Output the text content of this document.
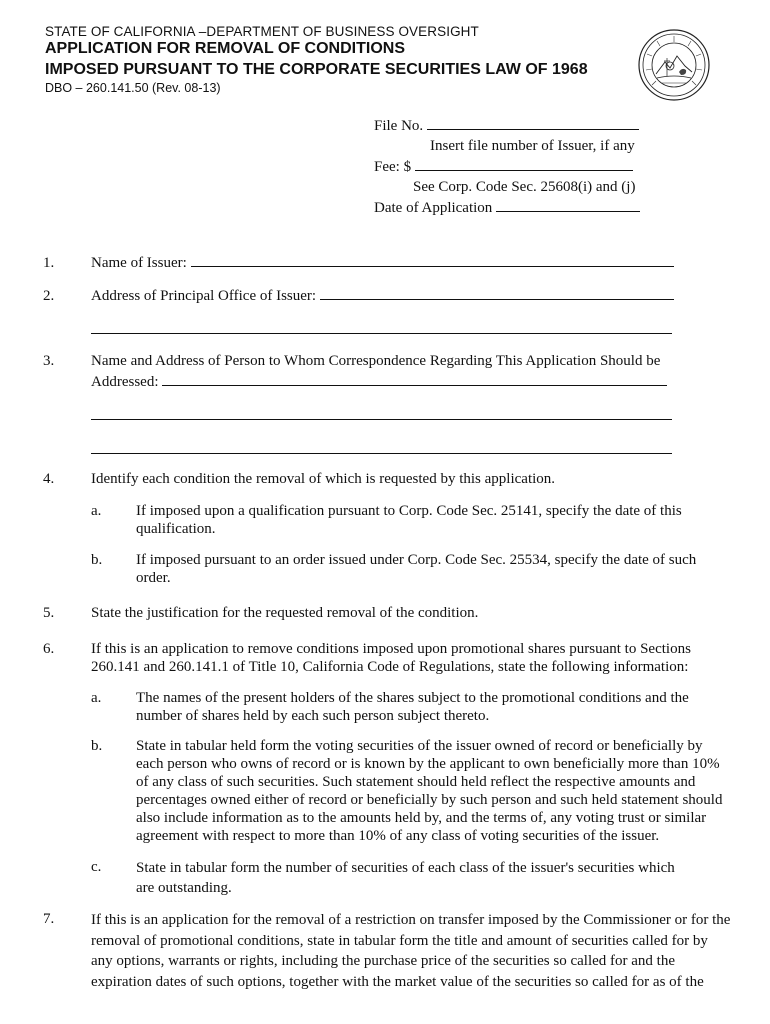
STATE OF CALIFORNIA –DEPARTMENT OF BUSINESS OVERSIGHT
APPLICATION FOR REMOVAL OF CONDITIONS
IMPOSED PURSUANT TO THE CORPORATE SECURITIES LAW OF 1968
DBO – 260.141.50 (Rev. 08-13)
File No.
Insert file number of Issuer, if any
Fee: $
See Corp. Code Sec. 25608(i) and (j)
Date of Application
1. Name of Issuer:
2. Address of Principal Office of Issuer:
3. Name and Address of Person to Whom Correspondence Regarding This Application Should be
Addressed:
4. Identify each condition the removal of which is requested by this application.
a. If imposed upon a qualification pursuant to Corp. Code Sec. 25141, specify the date of this qualification.
b. If imposed pursuant to an order issued under Corp. Code Sec. 25534, specify the date of such order.
5. State the justification for the requested removal of the condition.
6. If this is an application to remove conditions imposed upon promotional shares pursuant to Sections 260.141 and 260.141.1 of Title 10, California Code of Regulations, state the following information:
a. The names of the present holders of the shares subject to the promotional conditions and the number of shares held by each such person subject thereto.
b. State in tabular held form the voting securities of the issuer owned of record or beneficially by each person who owns of record or is known by the applicant to own beneficially more than 10% of any class of such securities. Such statement should held reflect the respective amounts and percentages owned either of record or beneficially by such person and such held statement should also include information as to the amounts held by, and the terms of, any voting trust or similar agreement with respect to more than 10% of any class of voting securities of the issuer.
c. State in tabular form the number of securities of each class of the issuer's securities which are outstanding.
7. If this is an application for the removal of a restriction on transfer imposed by the Commissioner or for the removal of promotional conditions, state in tabular form the title and amount of securities called for by any options, warrants or rights, including the purchase price of the securities so called for and the expiration dates of such options, together with the market value of the securities so called for as of the
